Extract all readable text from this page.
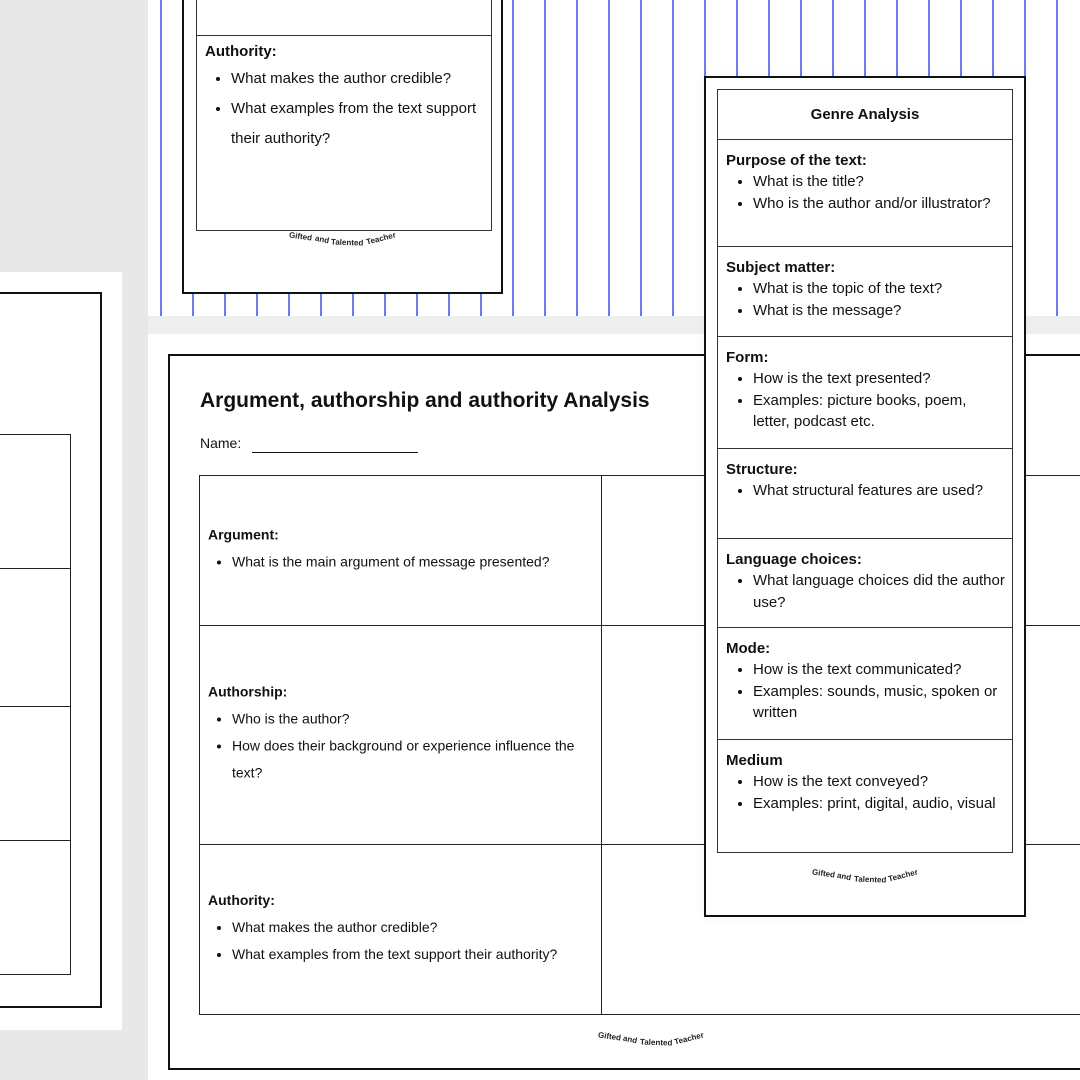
Authority:
• What makes the author credible?
• What examples from the text support their authority?
Gifted and Talented Teacher
Argument, authorship and authority Analysis
Name:
Argument:
• What is the main argument of message presented?
Authorship:
• Who is the author?
• How does their background or experience influence the text?
Authority:
• What makes the author credible?
• What examples from the text support their authority?
Gifted and Talented Teacher
Genre Analysis
Purpose of the text:
• What is the title?
• Who is the author and/or illustrator?
Subject matter:
• What is the topic of the text?
• What is the message?
Form:
• How is the text presented?
• Examples: picture books, poem, letter, podcast etc.
Structure:
• What structural features are used?
Language choices:
• What language choices did the author use?
Mode:
• How is the text communicated?
• Examples: sounds, music, spoken or written
Medium
• How is the text conveyed?
• Examples: print, digital, audio, visual
Gifted and Talented Teacher
